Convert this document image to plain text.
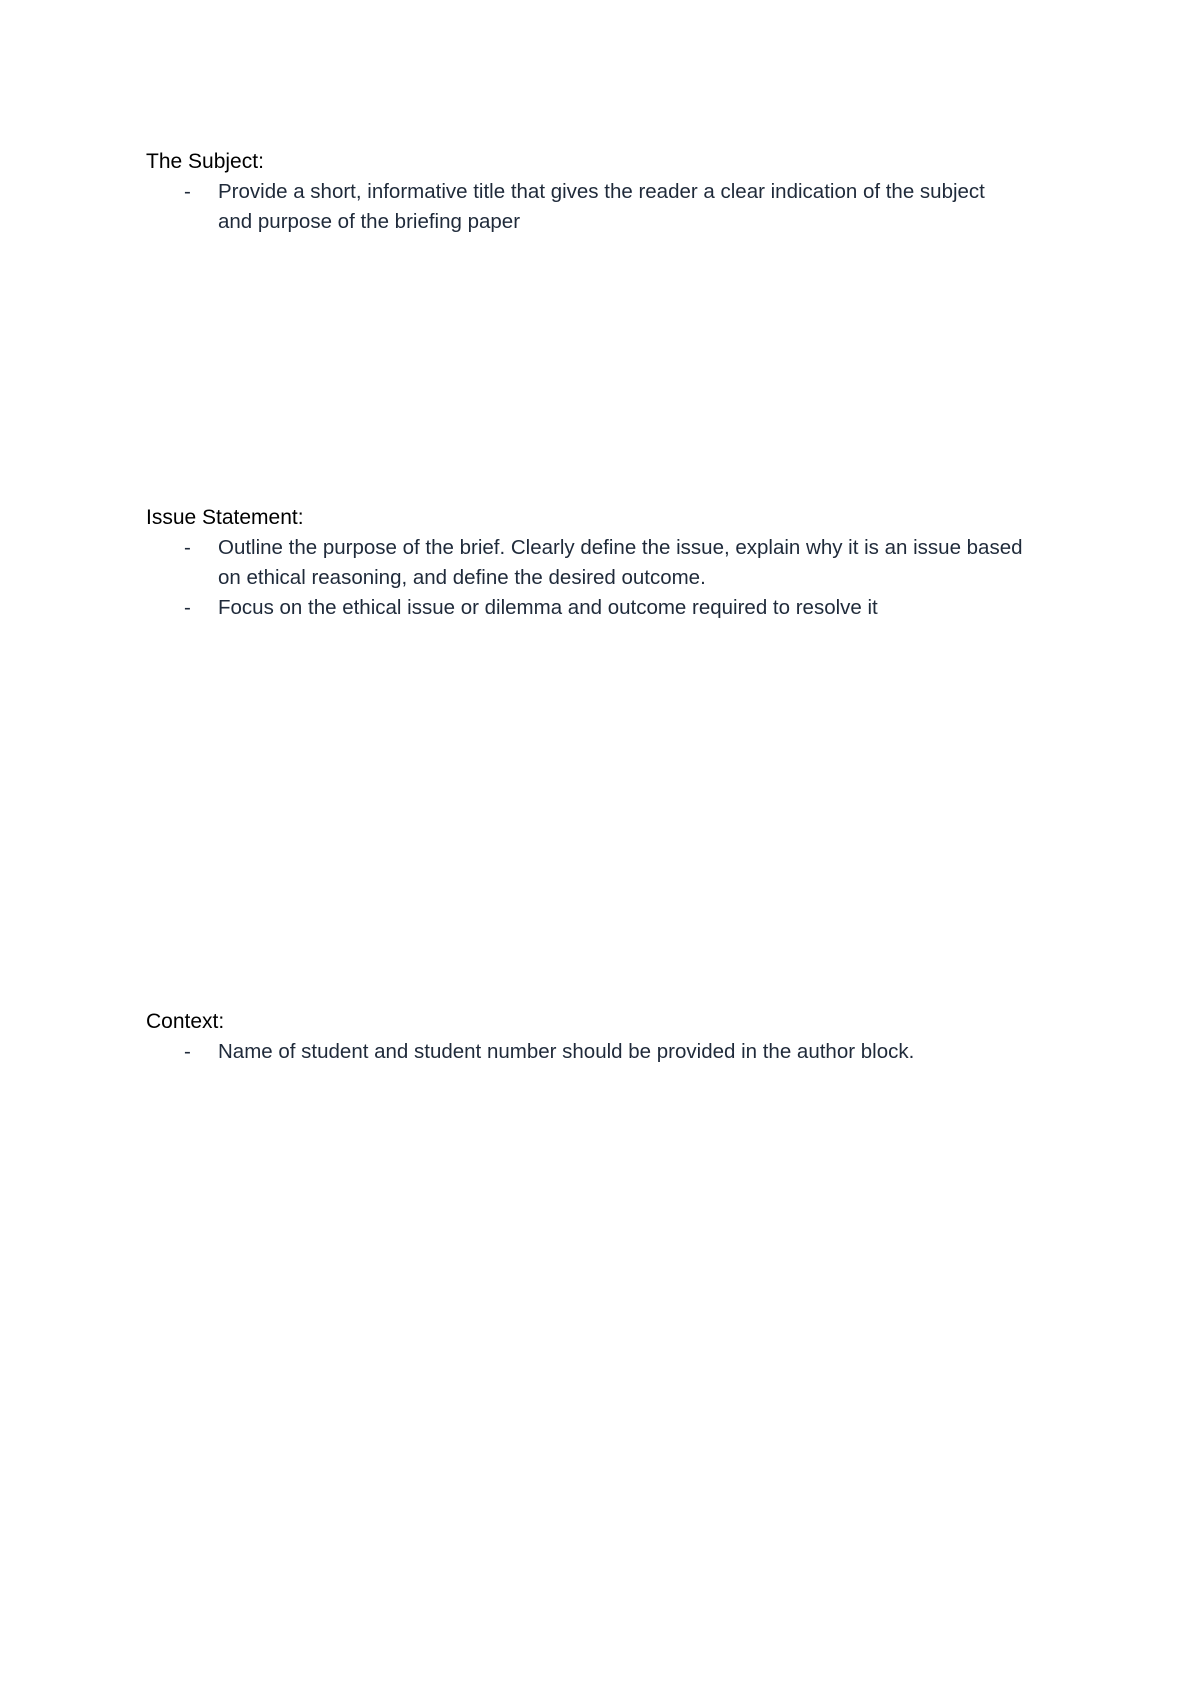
The Subject:
-	Provide a short, informative title that gives the reader a clear indication of the subject and purpose of the briefing paper
Issue Statement:
-	Outline the purpose of the brief. Clearly define the issue, explain why it is an issue based on ethical reasoning, and define the desired outcome.
-	Focus on the ethical issue or dilemma and outcome required to resolve it
Context:
-	Name of student and student number should be provided in the author block.
